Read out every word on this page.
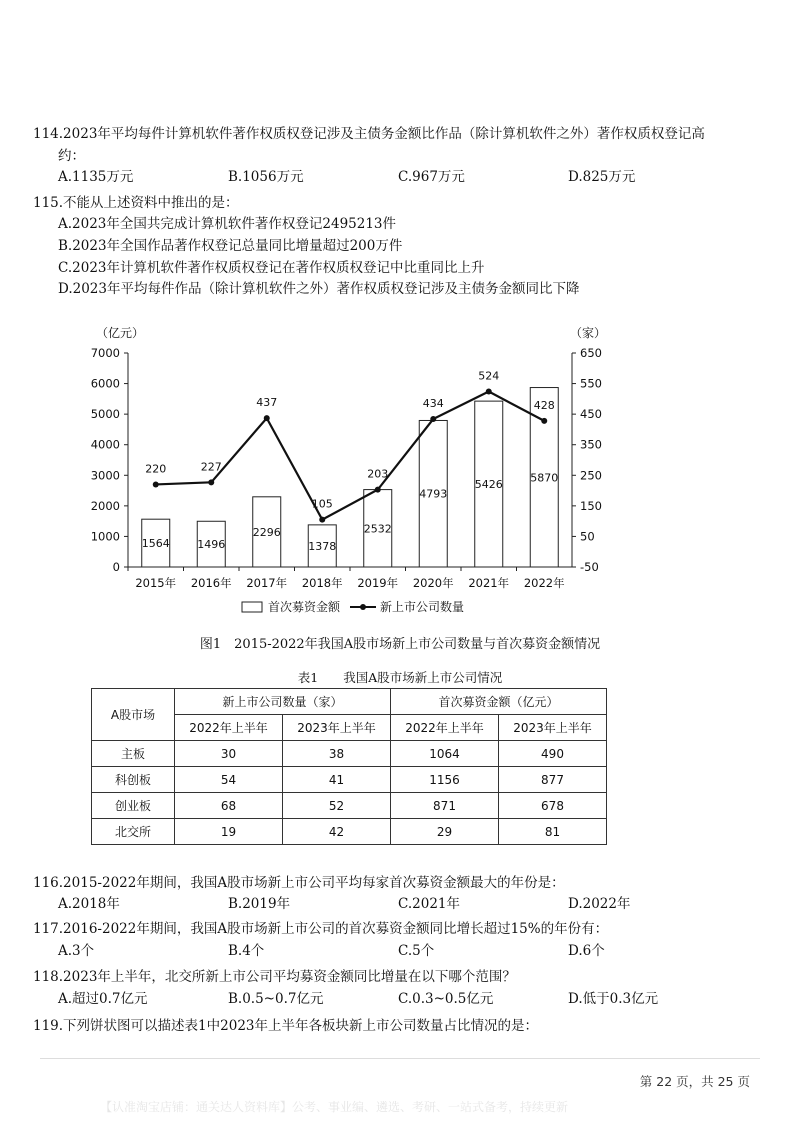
114.2023年平均每件计算机软件著作权质权登记涉及主债务金额比作品（除计算机软件之外）著作权质权登记高
约：
A.1135万元	B.1056万元	C.967万元	D.825万元
115.不能从上述资料中推出的是：
A.2023年全国共完成计算机软件著作权登记2495213件
B.2023年全国作品著作权登记总量同比增量超过200万件
C.2023年计算机软件著作权质权登记在著作权质权登记中比重同比上升
D.2023年平均每件作品（除计算机软件之外）著作权质权登记涉及主债务金额同比下降
0
1000
2000
3000
4000
5000
6000
7000
（亿元）
-50
50
150
250
350
450
550
650
（家）
2015年 2016年 2017年 2018年 2019年 2020年 2021年 2022年
1564	1496
2296
1378
2532
4793
5426
5870
220	227
437
105
203
434
524
428
首次募资金额	新上市公司数量
图1　2015-2022年我国A股市场新上市公司数量与首次募资金额情况
表1　　我国A股市场新上市公司情况
A股市场	新上市公司数量（家）		首次募资金额（亿元）	
	2022年上半年	2023年上半年	2022年上半年	2023年上半年
主板	30	38	1064	490
科创板	54	41	1156	877
创业板	68	52	871	678
北交所	19	42	29	81
116.2015-2022年期间，我国A股市场新上市公司平均每家首次募资金额最大的年份是：
A.2018年	B.2019年	C.2021年	D.2022年
117.2016-2022年期间，我国A股市场新上市公司的首次募资金额同比增长超过15%的年份有：
A.3个	B.4个	C.5个	D.6个
118.2023年上半年，北交所新上市公司平均募资金额同比增量在以下哪个范围？
A.超过0.7亿元	B.0.5~0.7亿元	C.0.3~0.5亿元	D.低于0.3亿元
119.下列饼状图可以描述表1中2023年上半年各板块新上市公司数量占比情况的是：
第 22 页，共 25 页
【认准淘宝店铺：通关达人资料库】公考、事业编、遴选、考研、一站式备考，持续更新
